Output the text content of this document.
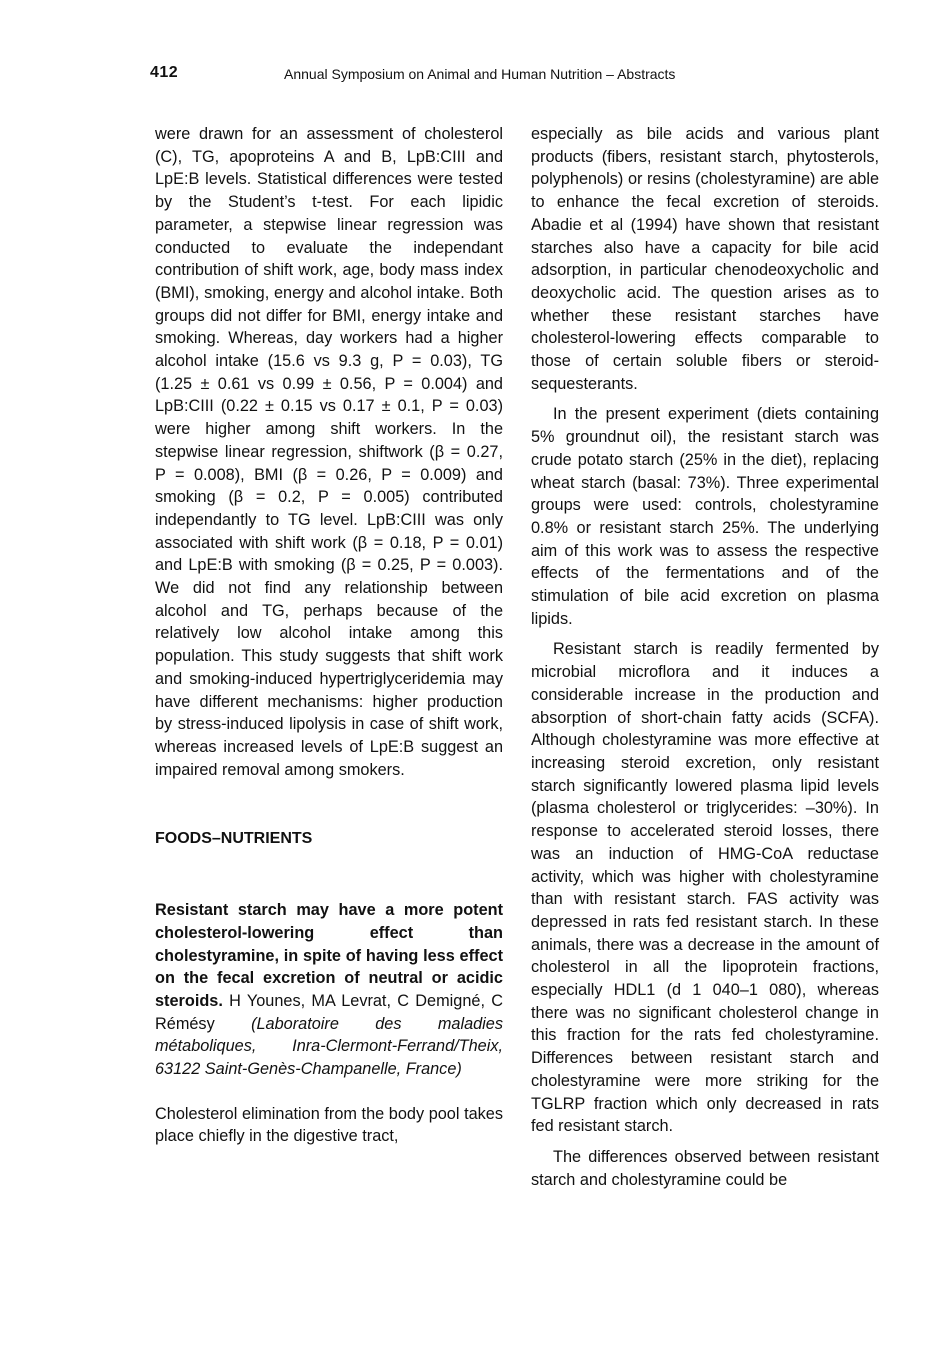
412	Annual Symposium on Animal and Human Nutrition – Abstracts

were drawn for an assessment of cholesterol (C), TG, apoproteins A and B, LpB:CIII and LpE:B levels. Statistical differences were tested by the Student’s t-test. For each lipidic parameter, a stepwise linear regression was conducted to evaluate the independant contribution of shift work, age, body mass index (BMI), smoking, energy and alcohol intake. Both groups did not differ for BMI, energy intake and smoking. Whereas, day workers had a higher alcohol intake (15.6 vs 9.3 g, P = 0.03), TG (1.25 ± 0.61 vs 0.99 ± 0.56, P = 0.004) and LpB:CIII (0.22 ± 0.15 vs 0.17 ± 0.1, P = 0.03) were higher among shift workers. In the stepwise linear regression, shiftwork (β = 0.27, P = 0.008), BMI (β = 0.26, P = 0.009) and smoking (β = 0.2, P = 0.005) contributed independantly to TG level. LpB:CIII was only associated with shift work (β = 0.18, P = 0.01) and LpE:B with smoking (β = 0.25, P = 0.003). We did not find any relationship between alcohol and TG, perhaps because of the relatively low alcohol intake among this population. This study suggests that shift work and smoking-induced hypertriglyceridemia may have different mechanisms: higher production by stress-induced lipolysis in case of shift work, whereas increased levels of LpE:B suggest an impaired removal among smokers.

FOODS–NUTRIENTS

Resistant starch may have a more potent cholesterol-lowering effect than cholestyramine, in spite of having less effect on the fecal excretion of neutral or acidic steroids. H Younes, MA Levrat, C Demigné, C Rémésy (Laboratoire des maladies métaboliques, Inra-Clermont-Ferrand/Theix, 63122 Saint-Genès-Champanelle, France)

Cholesterol elimination from the body pool takes place chiefly in the digestive tract,

especially as bile acids and various plant products (fibers, resistant starch, phytosterols, polyphenols) or resins (cholestyramine) are able to enhance the fecal excretion of steroids. Abadie et al (1994) have shown that resistant starches also have a capacity for bile acid adsorption, in particular chenodeoxycholic and deoxycholic acid. The question arises as to whether these resistant starches have cholesterol-lowering effects comparable to those of certain soluble fibers or steroid-sequesterants.

In the present experiment (diets containing 5% groundnut oil), the resistant starch was crude potato starch (25% in the diet), replacing wheat starch (basal: 73%). Three experimental groups were used: controls, cholestyramine 0.8% or resistant starch 25%. The underlying aim of this work was to assess the respective effects of the fermentations and of the stimulation of bile acid excretion on plasma lipids.

Resistant starch is readily fermented by microbial microflora and it induces a considerable increase in the production and absorption of short-chain fatty acids (SCFA). Although cholestyramine was more effective at increasing steroid excretion, only resistant starch significantly lowered plasma lipid levels (plasma cholesterol or triglycerides: –30%). In response to accelerated steroid losses, there was an induction of HMG-CoA reductase activity, which was higher with cholestyramine than with resistant starch. FAS activity was depressed in rats fed resistant starch. In these animals, there was a decrease in the amount of cholesterol in all the lipoprotein fractions, especially HDL1 (d 1 040–1 080), whereas there was no significant cholesterol change in this fraction for the rats fed cholestyramine. Differences between resistant starch and cholestyramine were more striking for the TGLRP fraction which only decreased in rats fed resistant starch.

The differences observed between resistant starch and cholestyramine could be
